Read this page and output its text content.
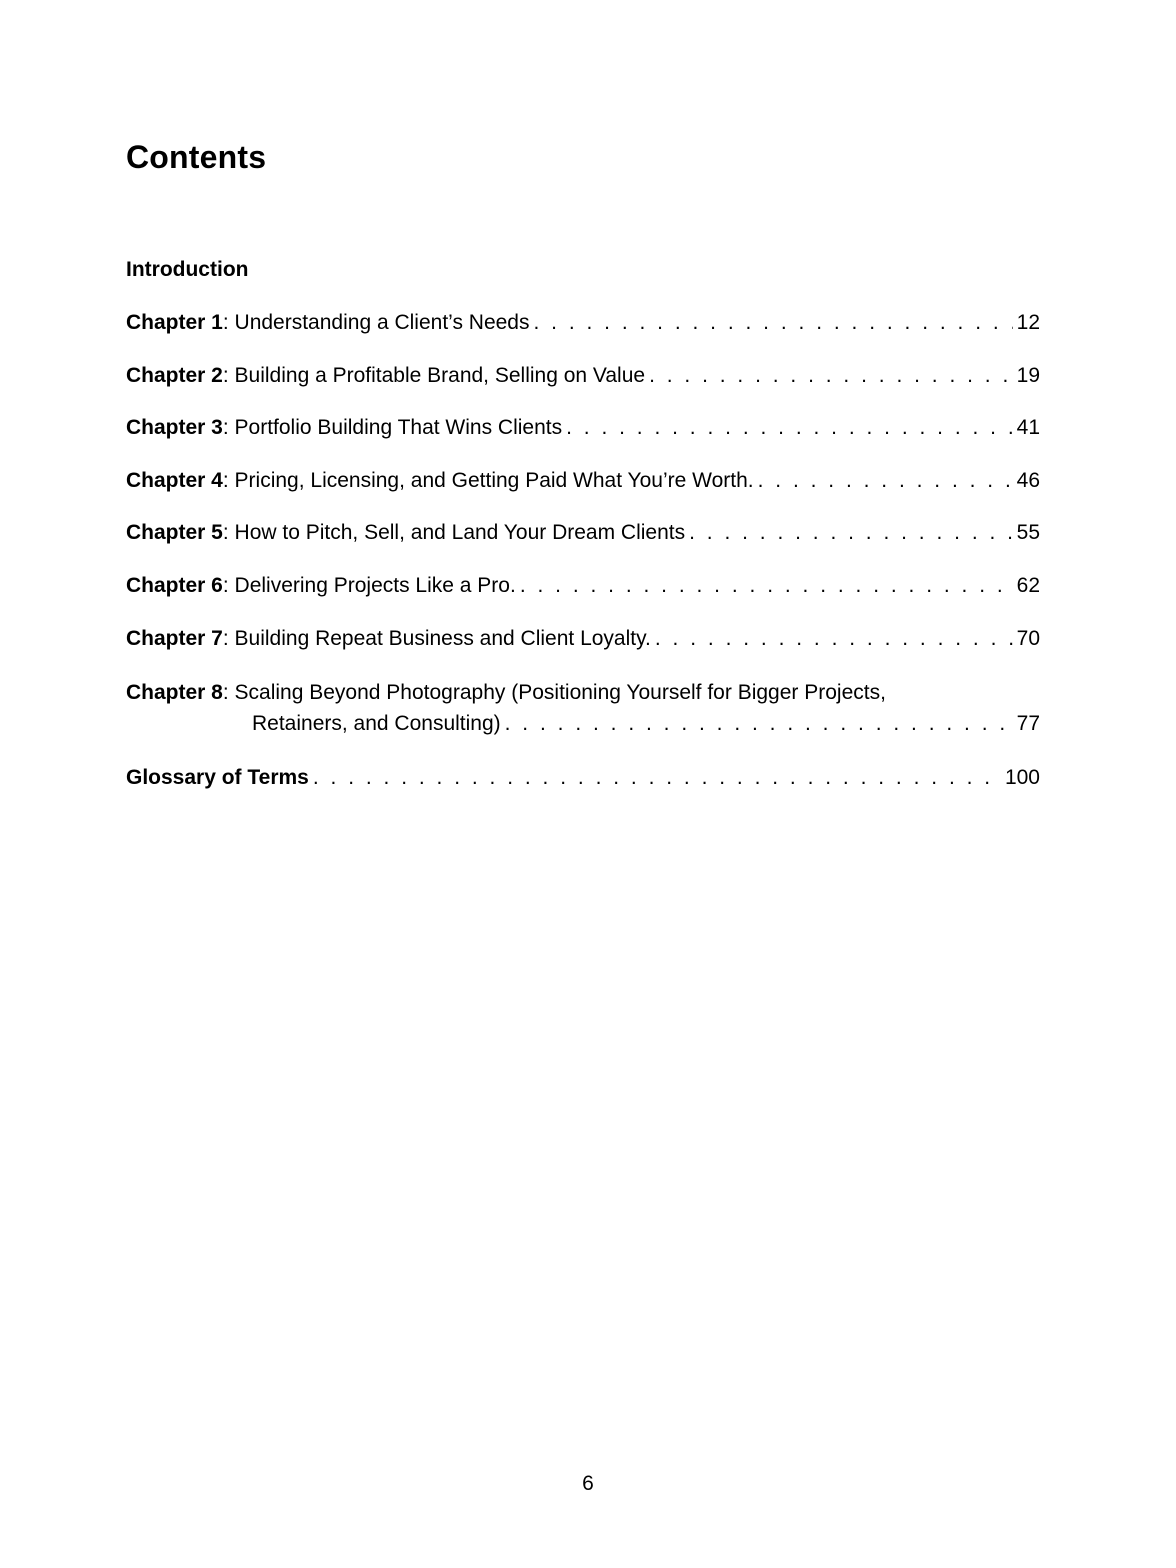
Contents
Introduction
Chapter 1: Understanding a Client’s Needs . . .	12
Chapter 2: Building a Profitable Brand, Selling on Value . . .	19
Chapter 3: Portfolio Building That Wins Clients . . .	41
Chapter 4: Pricing, Licensing, and Getting Paid What You’re Worth. . . .	46
Chapter 5: How to Pitch, Sell, and Land Your Dream Clients . . .	55
Chapter 6: Delivering Projects Like a Pro. . . .	62
Chapter 7: Building Repeat Business and Client Loyalty. . . .	70
Chapter 8: Scaling Beyond Photography (Positioning Yourself for Bigger Projects,
Retainers, and Consulting) . . .	77
Glossary of Terms . . .	100
6
